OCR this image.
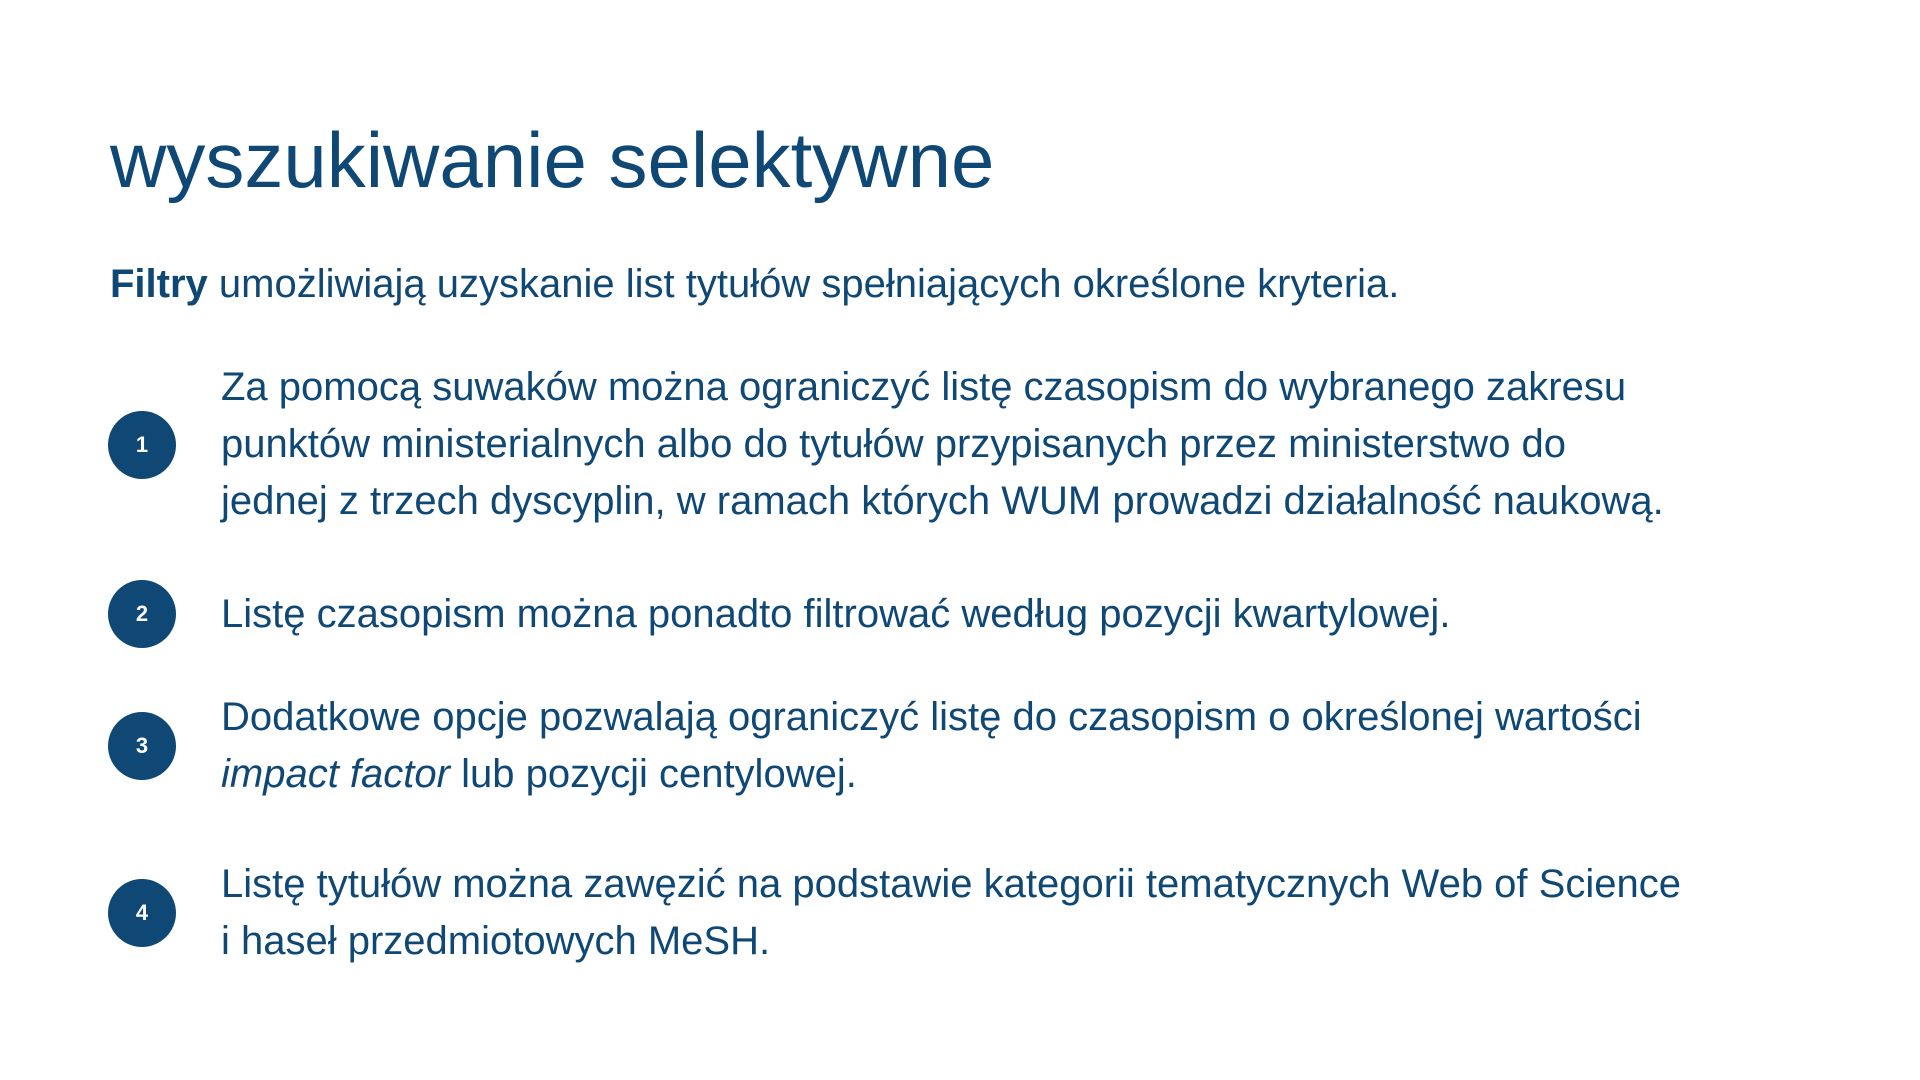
wyszukiwanie selektywne

Filtry umożliwiają uzyskanie list tytułów spełniających określone kryteria.

1
Za pomocą suwaków można ograniczyć listę czasopism do wybranego zakresu
punktów ministerialnych albo do tytułów przypisanych przez ministerstwo do
jednej z trzech dyscyplin, w ramach których WUM prowadzi działalność naukową.
2	Listę czasopism można ponadto filtrować według pozycji kwartylowej.
3
Dodatkowe opcje pozwalają ograniczyć listę do czasopism o określonej wartości
impact factor lub pozycji centylowej.
4
Listę tytułów można zawęzić na podstawie kategorii tematycznych Web of Science
i haseł przedmiotowych MeSH.
